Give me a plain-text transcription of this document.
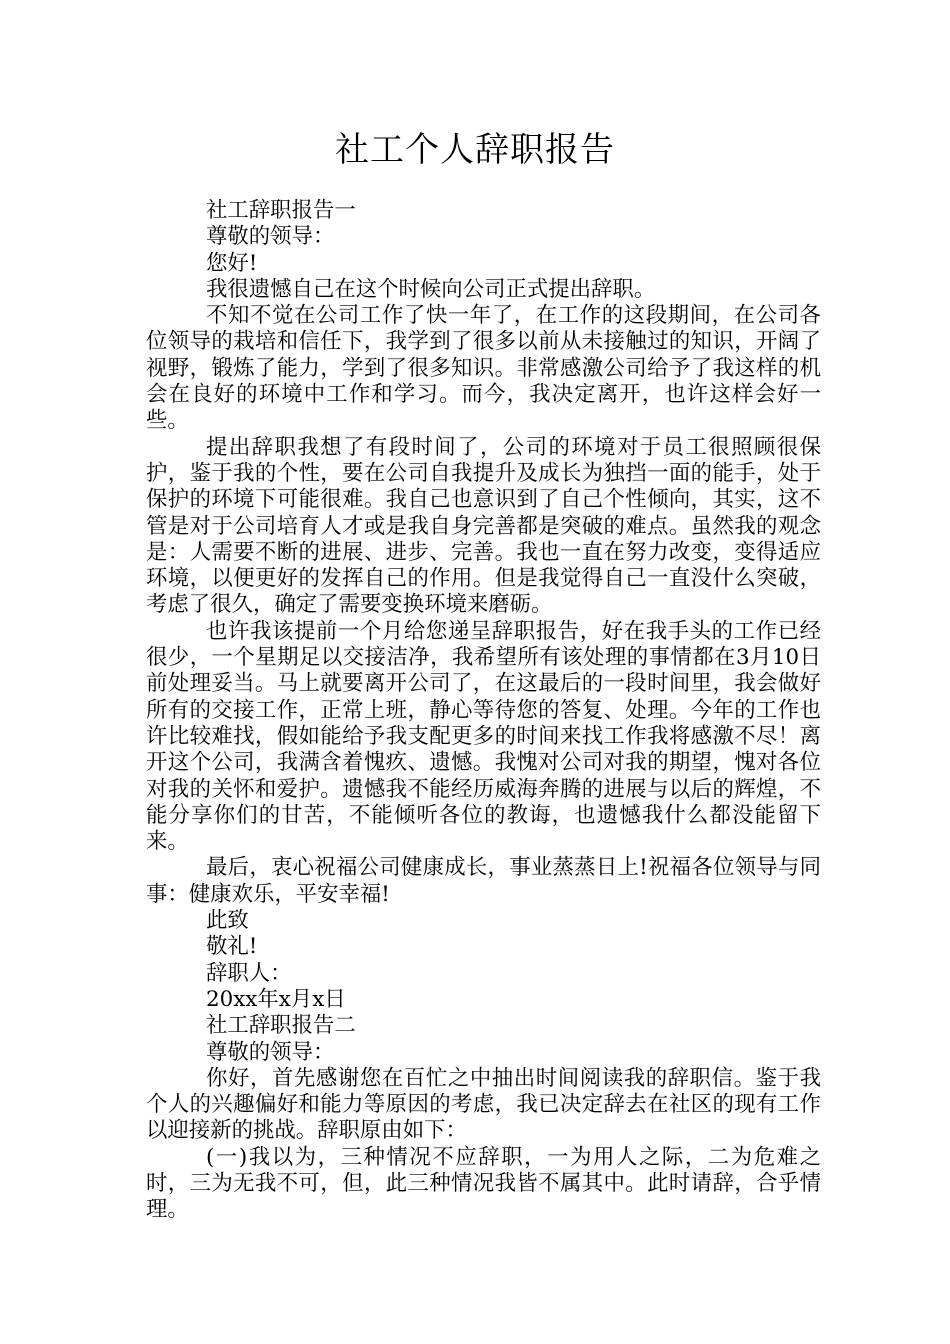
社工个人辞职报告

社工辞职报告一

尊敬的领导：

您好!

我很遗憾自己在这个时候向公司正式提出辞职。

不知不觉在公司工作了快一年了，在工作的这段期间，在公司各位领导的栽培和信任下，我学到了很多以前从未接触过的知识，开阔了视野，锻炼了能力，学到了很多知识。非常感激公司给予了我这样的机会在良好的环境中工作和学习。而今，我决定离开，也许这样会好一些。

提出辞职我想了有段时间了，公司的环境对于员工很照顾很保护，鉴于我的个性，要在公司自我提升及成长为独挡一面的能手，处于保护的环境下可能很难。我自己也意识到了自己个性倾向，其实，这不管是对于公司培育人才或是我自身完善都是突破的难点。虽然我的观念是：人需要不断的进展、进步、完善。我也一直在努力改变，变得适应环境，以便更好的发挥自己的作用。但是我觉得自己一直没什么突破，考虑了很久，确定了需要变换环境来磨砺。

也许我该提前一个月给您递呈辞职报告，好在我手头的工作已经很少，一个星期足以交接洁净，我希望所有该处理的事情都在3月10日前处理妥当。马上就要离开公司了，在这最后的一段时间里，我会做好所有的交接工作，正常上班，静心等待您的答复、处理。今年的工作也许比较难找，假如能给予我支配更多的时间来找工作我将感激不尽！离开这个公司，我满含着愧疚、遗憾。我愧对公司对我的期望，愧对各位对我的关怀和爱护。遗憾我不能经历威海奔腾的进展与以后的辉煌，不能分享你们的甘苦，不能倾听各位的教诲，也遗憾我什么都没能留下来。

最后，衷心祝福公司健康成长，事业蒸蒸日上!祝福各位领导与同事：健康欢乐，平安幸福!

此致

敬礼!

辞职人：

20xx年x月x日

社工辞职报告二

尊敬的领导：

你好，首先感谢您在百忙之中抽出时间阅读我的辞职信。鉴于我个人的兴趣偏好和能力等原因的考虑，我已决定辞去在社区的现有工作以迎接新的挑战。辞职原由如下：

(一)我以为，三种情况不应辞职，一为用人之际，二为危难之时，三为无我不可，但，此三种情况我皆不属其中。此时请辞，合乎情理。
